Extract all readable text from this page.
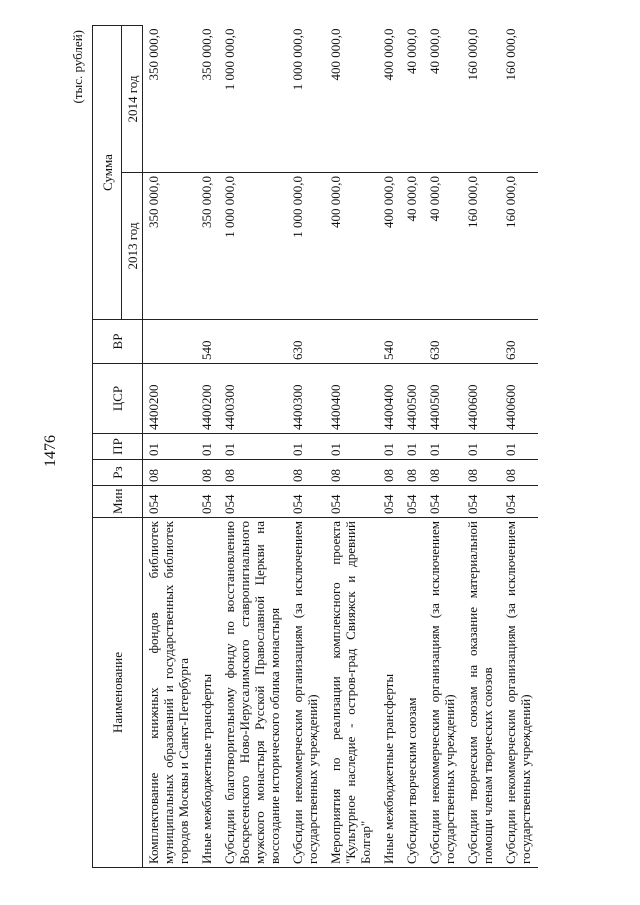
1476
(тыс. рублей)
Наименование	Мин	Рз	ПР	ЦСР	ВР	Сумма	
						2013 год	2014 год
Комплектование книжных фондов библиотек муниципальных образований и государственных библиотек городов Москвы и Санкт-Петербурга	054	08	01	4400200		350 000,0	350 000,0
Иные межбюджетные трансферты	054	08	01	4400200	540	350 000,0	350 000,0
Субсидии благотворительному фонду по восстановлению Воскресенского Ново-Иерусалимского ставропигиального мужского монастыря Русской Православной Церкви на воссоздание исторического облика монастыря	054	08	01	4400300		1 000 000,0	1 000 000,0
Субсидии некоммерческим организациям (за исключением государственных учреждений)	054	08	01	4400300	630	1 000 000,0	1 000 000,0
Мероприятия по реализации комплексного проекта "Культурное наследие - остров-град Свияжск и древний Болгар"	054	08	01	4400400		400 000,0	400 000,0
Иные межбюджетные трансферты	054	08	01	4400400	540	400 000,0	400 000,0
Субсидии творческим союзам	054	08	01	4400500		40 000,0	40 000,0
Субсидии некоммерческим организациям (за исключением государственных учреждений)	054	08	01	4400500	630	40 000,0	40 000,0
Субсидии творческим союзам на оказание материальной помощи членам творческих союзов	054	08	01	4400600		160 000,0	160 000,0
Субсидии некоммерческим организациям (за исключением государственных учреждений)	054	08	01	4400600	630	160 000,0	160 000,0
